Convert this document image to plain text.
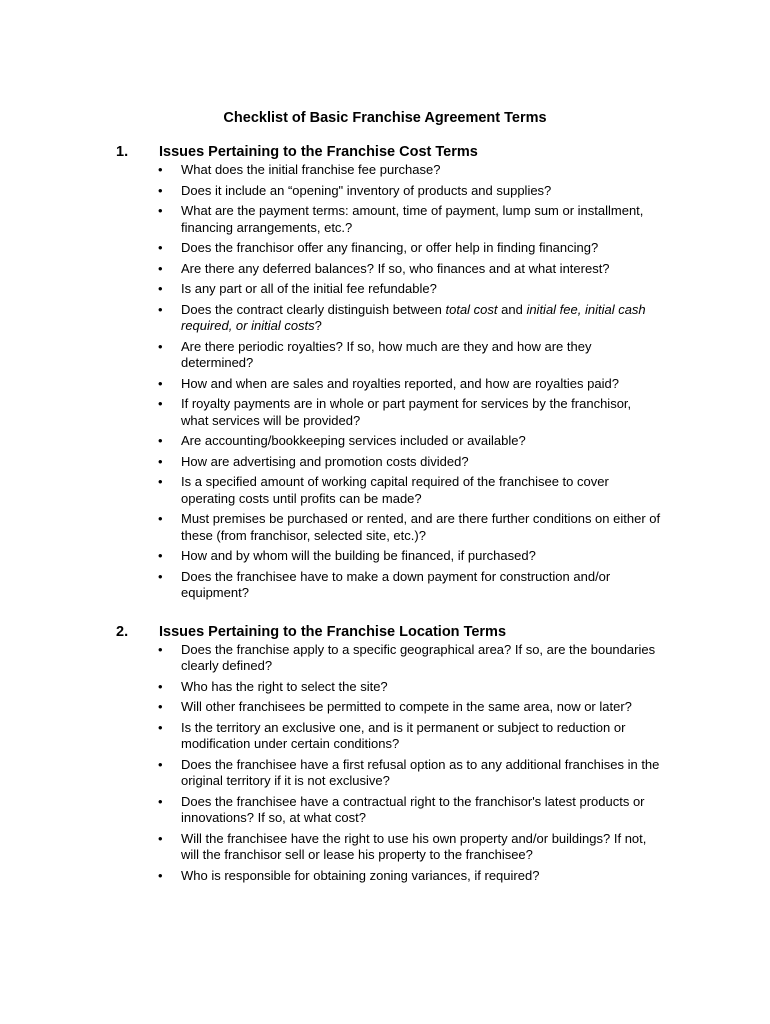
Checklist of Basic Franchise Agreement Terms
1. Issues Pertaining to the Franchise Cost Terms
• What does the initial franchise fee purchase?
• Does it include an “opening" inventory of products and supplies?
• What are the payment terms: amount, time of payment, lump sum or installment, financing arrangements, etc.?
• Does the franchisor offer any financing, or offer help in finding financing?
• Are there any deferred balances? If so, who finances and at what interest?
• Is any part or all of the initial fee refundable?
• Does the contract clearly distinguish between total cost and initial fee, initial cash required, or initial costs?
• Are there periodic royalties? If so, how much are they and how are they determined?
• How and when are sales and royalties reported, and how are royalties paid?
• If royalty payments are in whole or part payment for services by the franchisor, what services will be provided?
• Are accounting/bookkeeping services included or available?
• How are advertising and promotion costs divided?
• Is a specified amount of working capital required of the franchisee to cover operating costs until profits can be made?
• Must premises be purchased or rented, and are there further conditions on either of these (from franchisor, selected site, etc.)?
• How and by whom will the building be financed, if purchased?
• Does the franchisee have to make a down payment for construction and/or equipment?
2. Issues Pertaining to the Franchise Location Terms
• Does the franchise apply to a specific geographical area? If so, are the boundaries clearly defined?
• Who has the right to select the site?
• Will other franchisees be permitted to compete in the same area, now or later?
• Is the territory an exclusive one, and is it permanent or subject to reduction or modification under certain conditions?
• Does the franchisee have a first refusal option as to any additional franchises in the original territory if it is not exclusive?
• Does the franchisee have a contractual right to the franchisor's latest products or innovations? If so, at what cost?
• Will the franchisee have the right to use his own property and/or buildings? If not, will the franchisor sell or lease his property to the franchisee?
• Who is responsible for obtaining zoning variances, if required?
